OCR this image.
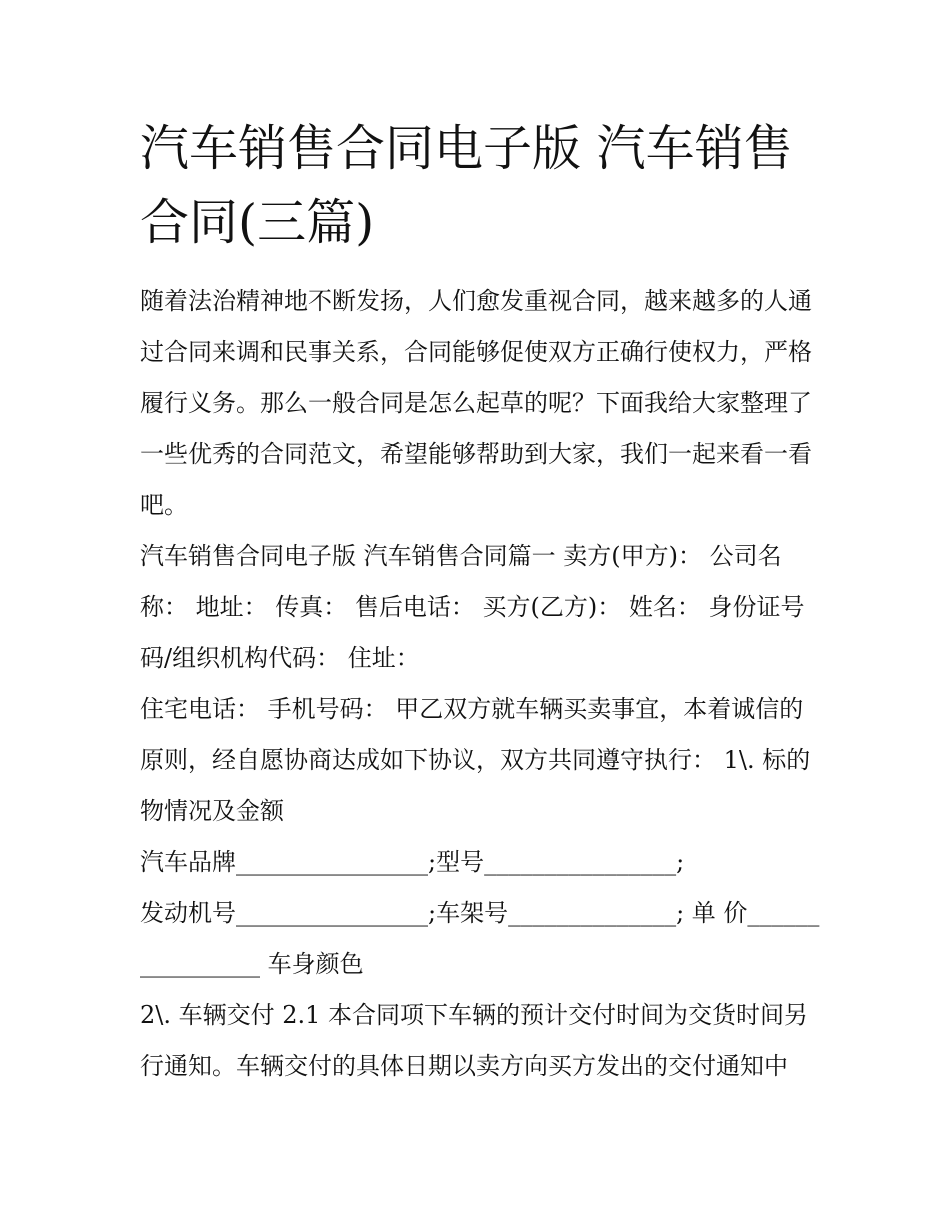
汽车销售合同电子版 汽车销售合同(三篇)

随着法治精神地不断发扬，人们愈发重视合同，越来越多的人通过合同来调和民事关系，合同能够促使双方正确行使权力，严格履行义务。那么一般合同是怎么起草的呢？下面我给大家整理了一些优秀的合同范文，希望能够帮助到大家，我们一起来看一看吧。

汽车销售合同电子版 汽车销售合同篇一 卖方(甲方)： 公司名称： 地址： 传真： 售后电话： 买方(乙方)： 姓名： 身份证号码/组织机构代码： 住址：

住宅电话： 手机号码： 甲乙双方就车辆买卖事宜，本着诚信的原则，经自愿协商达成如下协议，双方共同遵守执行： 1\. 标的物情况及金额

汽车品牌________________;型号________________;

发动机号________________;车架号______________; 单 价________________ 车身颜色

2\. 车辆交付 2.1 本合同项下车辆的预计交付时间为交货时间另行通知。车辆交付的具体日期以卖方向买方发出的交付通知中
